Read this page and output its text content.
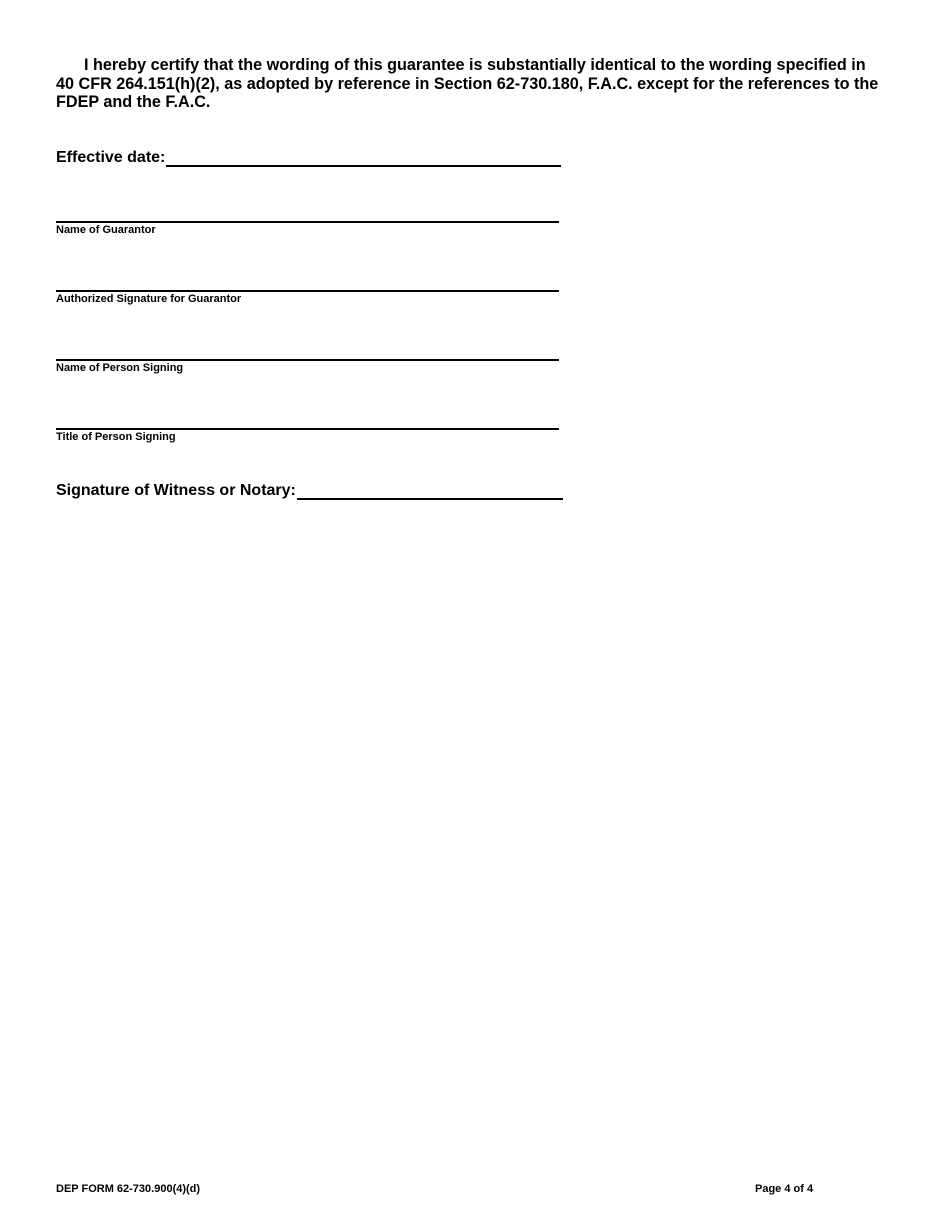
I hereby certify that the wording of this guarantee is substantially identical to the wording specified in 40 CFR 264.151(h)(2), as adopted by reference in Section 62-730.180, F.A.C. except for the references to the FDEP and the F.A.C.

Effective date:
Name of Guarantor
Authorized Signature for Guarantor
Name of Person Signing
Title of Person Signing
Signature of Witness or Notary:
DEP FORM 62-730.900(4)(d)	Page 4 of 4
